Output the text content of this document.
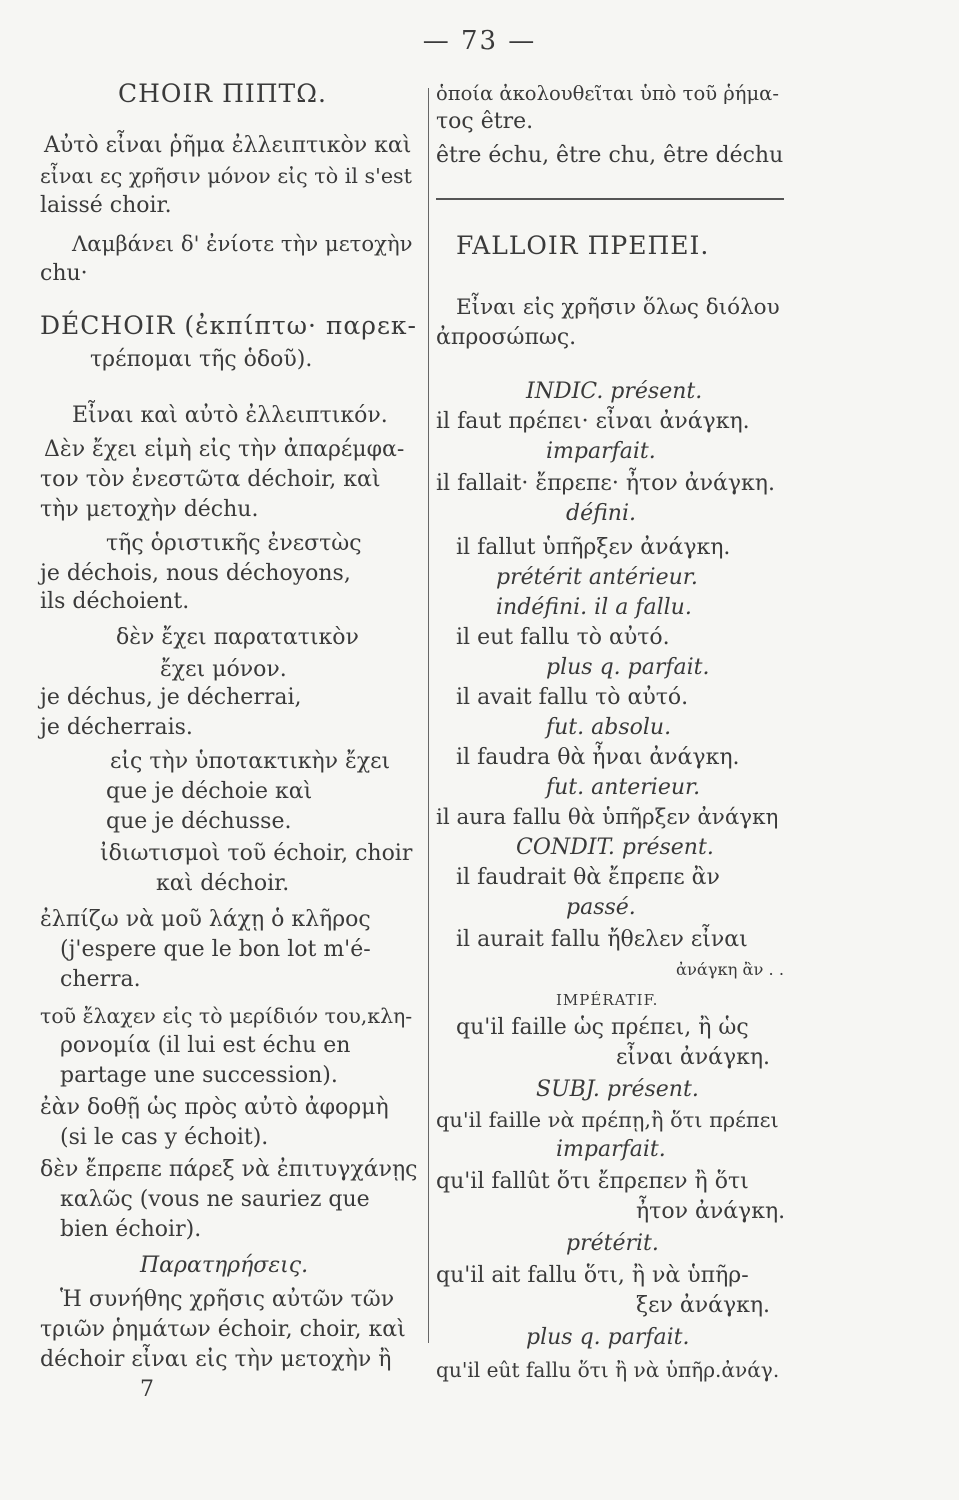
— 73 —
CHOIR ΠΙΠΤΩ.
Αὐτὸ εἶναι ῥῆμα ἐλλειπτικὸν καὶ
εἶναι ες χρῆσιν μόνον εἰς τὸ il s'est
laissé choir.
Λαμβάνει δ' ἐνίοτε τὴν μετοχὴν
chu·
DÉCHOIR (ἐκπίπτω· παρεκ-
τρέπομαι τῆς ὁδοῦ).
Εἶναι καὶ αὐτὸ ἐλλειπτικόν.
Δὲν ἔχει εἰμὴ εἰς τὴν ἀπαρέμφα-
τον τὸν ἐνεστῶτα déchoir, καὶ
τὴν μετοχὴν déchu.
τῆς ὁριστικῆς ἐνεστὼς
je déchois, nous déchoyons,
ils déchoient.
δὲν ἔχει παρατατικὸν
ἔχει μόνον.
je déchus, je décherrai,
je décherrais.
εἰς τὴν ὑποτακτικὴν ἔχει
que je déchoie καὶ
que je déchusse.
ἰδιωτισμοὶ τοῦ échoir, choir
καὶ déchoir.
ἐλπίζω νὰ μοῦ λάχῃ ὁ κλῆρος
(j'espere que le bon lot m'é-
cherra.
τοῦ ἔλαχεν εἰς τὸ μερίδιόν του,κλη-
ρονομία (il lui est échu en
partage une succession).
ἐὰν δοθῇ ὡς πρὸς αὐτὸ ἀφορμὴ
(si le cas y échoit).
δὲν ἔπρεπε πάρεξ νὰ ἐπιτυγχάνῃς
καλῶς (vous ne sauriez que
bien échoir).
Παρατηρήσεις.
Ἡ συνήθης χρῆσις αὐτῶν τῶν
τριῶν ῥημάτων échoir, choir, καὶ
déchoir εἶναι εἰς τὴν μετοχὴν ἢ
7
ὁποία ἀκολουθεῖται ὑπὸ τοῦ ῥήμα-
τος être.
être échu, être chu, être déchu
FALLOIR ΠΡΕΠΕΙ.
Εἶναι εἰς χρῆσιν ὅλως διόλου
ἀπροσώπως.
INDIC. présent.
il faut πρέπει· εἶναι ἀνάγκη.
imparfait.
il fallait· ἔπρεπε· ἦτον ἀνάγκη.
défini.
il fallut ὑπῆρξεν ἀνάγκη.
prétérit antérieur.
indéfini. il a fallu.
il eut fallu τὸ αὐτό.
plus q. parfait.
il avait fallu τὸ αὐτό.
fut. absolu.
il faudra θὰ ἦναι ἀνάγκη.
fut. anterieur.
il aura fallu θὰ ὑπῆρξεν ἀνάγκη
CONDIT. présent.
il faudrait θὰ ἔπρεπε ἂν
passé.
il aurait fallu ἤθελεν εἶναι
ἀνάγκη ἂν . .
IMPÉRATIF.
qu'il faille ὡς πρέπει, ἢ ὡς
εἶναι ἀνάγκη.
SUBJ. présent.
qu'il faille νὰ πρέπῃ,ἢ ὅτι πρέπει
imparfait.
qu'il fallût ὅτι ἔπρεπεν ἢ ὅτι
ἦτον ἀνάγκη.
prétérit.
qu'il ait fallu ὅτι, ἢ νὰ ὑπῆρ-
ξεν ἀνάγκη.
plus q. parfait.
qu'il eût fallu ὅτι ἢ νὰ ὑπῆρ.ἀνάγ.
